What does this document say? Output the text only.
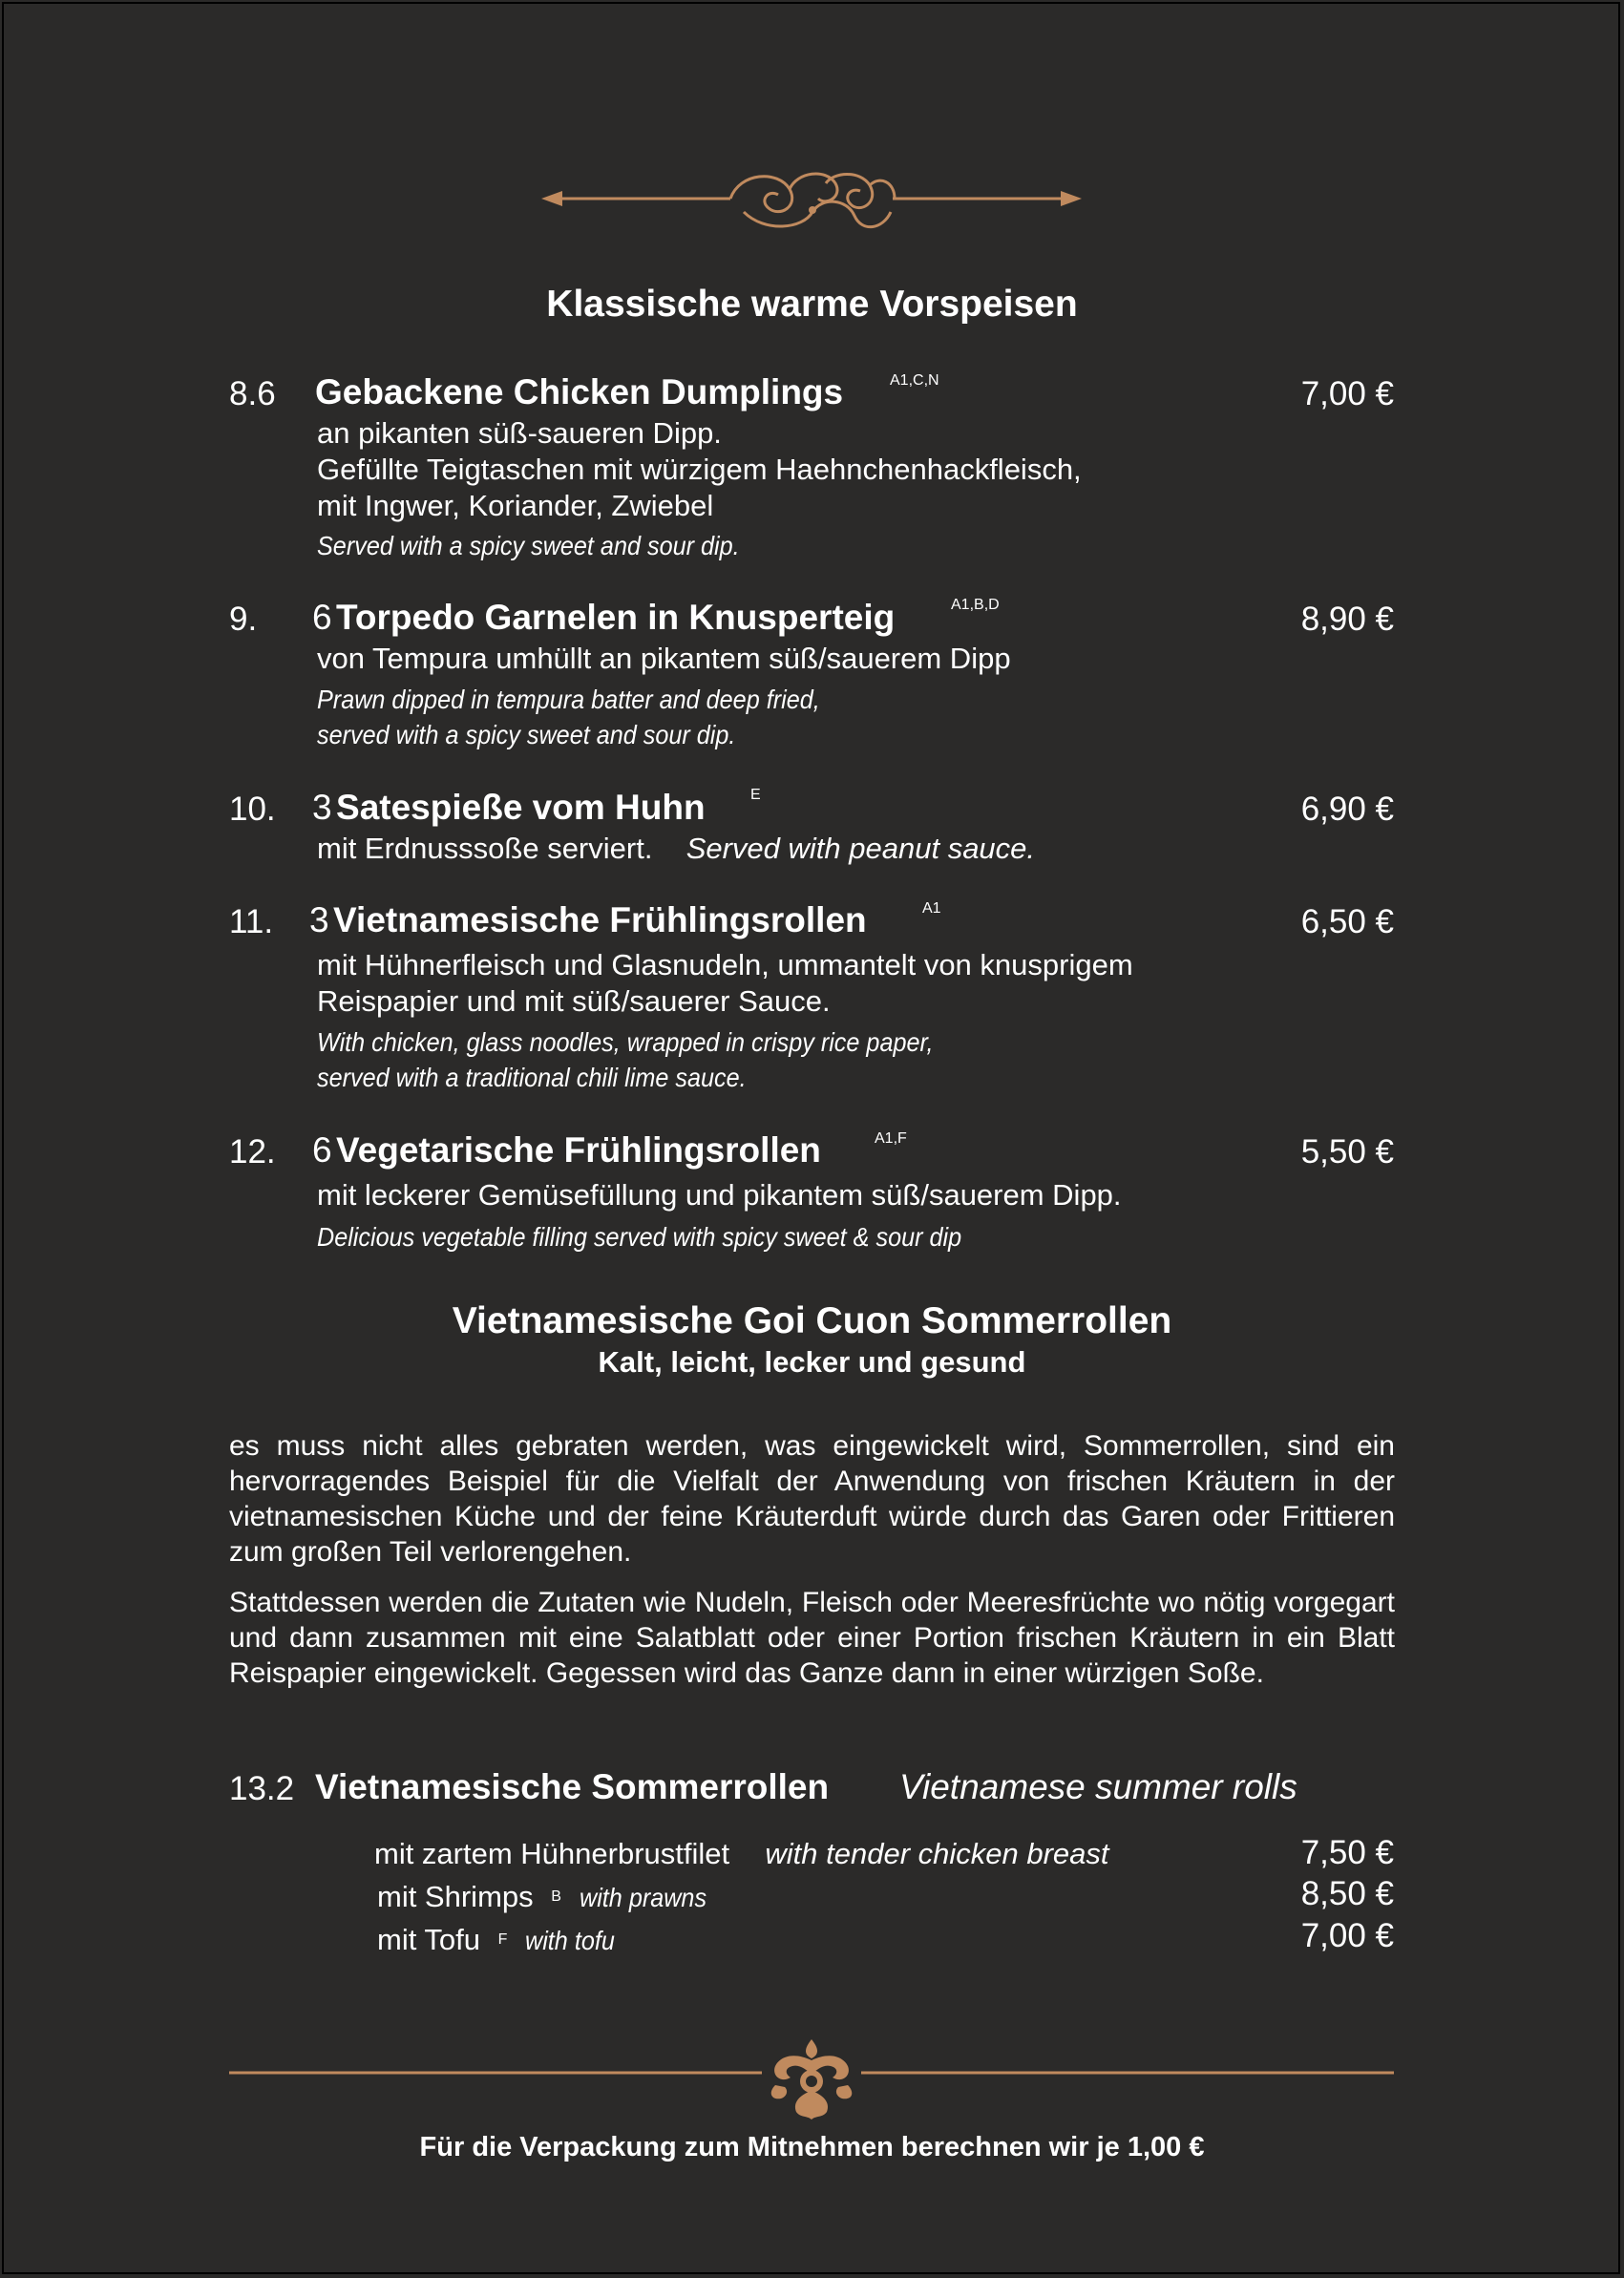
Klassische warme Vorspeisen
8.6 Gebackene Chicken Dumplings	A1,C,N	7,00 €
an pikanten süß-saueren Dipp.
Gefüllte Teigtaschen mit würzigem Haehnchenhackfleisch,
mit Ingwer, Koriander, Zwiebel
Served with a spicy sweet and sour dip.
9. 6 Torpedo Garnelen in Knusperteig	A1,B,D	8,90 €
von Tempura umhüllt an pikantem süß/sauerem Dipp
Prawn dipped in tempura batter and deep fried,
served with a spicy sweet and sour dip.
10. 3 Satespieße vom Huhn	E	6,90 €
mit Erdnusssoße serviert. Served with peanut sauce.
11. 3 Vietnamesische Frühlingsrollen	A1	6,50 €
mit Hühnerfleisch und Glasnudeln, ummantelt von knusprigem
Reispapier und mit süß/sauerer Sauce.
With chicken, glass noodles, wrapped in crispy rice paper,
served with a traditional chili lime sauce.
12. 6 Vegetarische Frühlingsrollen	A1,F	5,50 €
mit leckerer Gemüsefüllung und pikantem süß/sauerem Dipp.
Delicious vegetable filling served with spicy sweet & sour dip
Vietnamesische Goi Cuon Sommerrollen
Kalt, leicht, lecker und gesund
es muss nicht alles gebraten werden, was eingewickelt wird, Sommerrollen, sind ein hervorragendes Beispiel für die Vielfalt der Anwendung von frischen Kräutern in der vietnamesischen Küche und der feine Kräuterduft würde durch das Garen oder Frittieren zum großen Teil verlorengehen.
Stattdessen werden die Zutaten wie Nudeln, Fleisch oder Meeresfrüchte wo nötig vorgegart und dann zusammen mit eine Salatblatt oder einer Portion frischen Kräutern in ein Blatt Reispapier eingewickelt. Gegessen wird das Ganze dann in einer würzigen Soße.
13.2 Vietnamesische Sommerrollen Vietnamese summer rolls
mit zartem Hühnerbrustfilet with tender chicken breast	7,50 €
mit Shrimps $^B$ with prawns	8,50 €
mit Tofu $^F$ with tofu	7,00 €
Für die Verpackung zum Mitnehmen berechnen wir je 1,00 €
